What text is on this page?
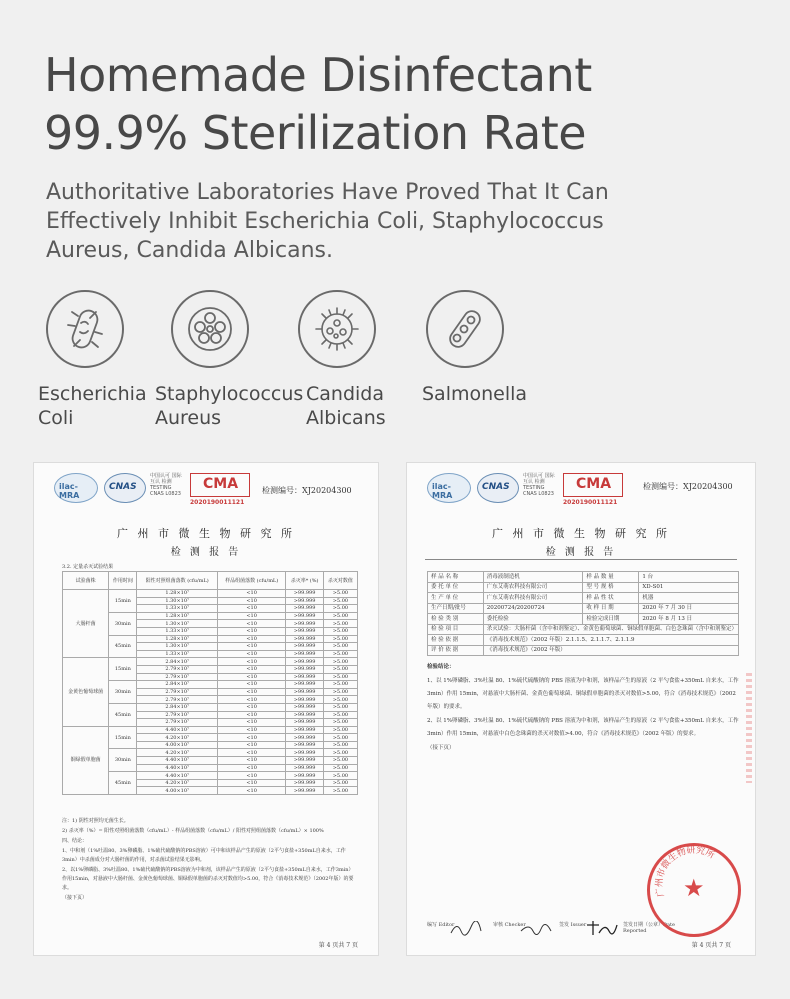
Homemade Disinfectant
99.9% Sterilization Rate
Authoritative Laboratories Have Proved That It Can
Effectively Inhibit Escherichia Coli, Staphylococcus
Aureus, Candida Albicans.
Escherichia
Coli
Staphylococcus
Aureus
Candida
Albicans
Salmonella
ilac-MRA
CNAS
中国认可 国际互认 检测 TESTING CNAS L0823
CMA
2020190011121
检测编号：XJ20204300
广 州 市 微 生 物 研 究 所
检 测 报 告
3.2. 定量杀灭试验结果
试验菌株	作用时间	阳性对照组菌落数 (cfu/mL)	样品组菌落数 (cfu/mL)	杀灭率* (%)	杀灭对数值
大肠杆菌	15min	1.28×10⁷	<10	>99.999	>5.00
		1.30×10⁷	<10	>99.999	>5.00
		1.33×10⁷	<10	>99.999	>5.00
	30min	1.28×10⁷	<10	>99.999	>5.00
		1.30×10⁷	<10	>99.999	>5.00
		1.33×10⁷	<10	>99.999	>5.00
	45min	1.28×10⁷	<10	>99.999	>5.00
		1.30×10⁷	<10	>99.999	>5.00
		1.33×10⁷	<10	>99.999	>5.00
金黄色葡萄球菌	15min	2.84×10⁷	<10	>99.999	>5.00
		2.79×10⁷	<10	>99.999	>5.00
		2.79×10⁷	<10	>99.999	>5.00
	30min	2.84×10⁷	<10	>99.999	>5.00
		2.79×10⁷	<10	>99.999	>5.00
		2.79×10⁷	<10	>99.999	>5.00
	45min	2.84×10⁷	<10	>99.999	>5.00
		2.79×10⁷	<10	>99.999	>5.00
		2.79×10⁷	<10	>99.999	>5.00
铜绿假单胞菌	15min	4.40×10⁷	<10	>99.999	>5.00
		4.20×10⁷	<10	>99.999	>5.00
		4.00×10⁷	<10	>99.999	>5.00
	30min	4.20×10⁷	<10	>99.999	>5.00
		4.40×10⁷	<10	>99.999	>5.00
		4.40×10⁷	<10	>99.999	>5.00
	45min	4.40×10⁷	<10	>99.999	>5.00
		4.20×10⁷	<10	>99.999	>5.00
		4.00×10⁷	<10	>99.999	>5.00

注：1) 阴性对照均无菌生长。

2) 杀灭率（%）= 阳性对照组菌落数（cfu/mL）- 样品组菌落数（cfu/mL）/ 阳性对照组菌落数（cfu/mL）× 100%

四、结论：

1、中和剂（1%吐温80、3%卵磷脂、1%硫代硫酸钠的PBS溶液）可中和该样品产生的原液（2平勺食盐+350mL自来水，工作3min）中杀菌成分对大肠杆菌的作用，对杀菌试验结果无影响。

2、以1%卵磷脂、3%吐温80、1%硫代硫酸钠的PBS溶液为中和剂，该样品产生的原液（2平勺食盐+350mL自来水，工作3min）作用15min，对悬液中大肠杆菌、金黄色葡萄球菌、铜绿假单胞菌的杀灭对数值均>5.00，符合《消毒技术规范》（2002年版）的要求。

（接下页）

第 4 页共 7 页
ilac-MRA
CNAS
中国认可 国际互认 检测 TESTING CNAS L0823
CMA
2020190011121
检测编号：XJ20204300
广 州 市 微 生 物 研 究 所
检 测 报 告
样 品 名 称	消毒液制造机	样 品 数 量	1 台
委 托 单 位	广东艾萌农科技有限公司	型 号 规 格	XD-S01
生 产 单 位	广东艾萌农科技有限公司	样 品 性 状	机器
生产日期/批号	20200724/20200724	收 样 日 期	2020 年 7 月 30 日
检 验 类 别	委托检验	检验完成日期	2020 年 8 月 13 日
检 验 项 目	杀灭试验：大肠杆菌（含中和剂鉴定）、金黄色葡萄球菌、铜绿假单胞菌、白色念珠菌（含中和剂鉴定）		
检 验 依 据	《消毒技术规范》（2002 年版）2.1.1.5、2.1.1.7、2.1.1.9		
评 价 依 据	《消毒技术规范》（2002 年版）		

检验结论：

1、以 1%卵磷脂、3%吐温 80、1%硫代硫酸钠的 PBS 溶液为中和剂，该样品产生的原液（2 平勺食盐+350mL 自来水，工作 3min）作用 15min，对悬液中大肠杆菌、金黄色葡萄球菌、铜绿假单胞菌的杀灭对数值>5.00，符合《消毒技术规范》（2002 年版）的要求。

2、以 1%卵磷脂、3%吐温 80、1%硫代硫酸钠的 PBS 溶液为中和剂，该样品产生的原液（2 平勺食盐+350mL 自来水，工作 3min）作用 15min，对悬液中白色念珠菌的杀灭对数值>4.00，符合《消毒技术规范》（2002 年版）的要求。

（接下页）

编写 Editor	审核 Checker	签发 Issuer	签发日期（公章）Date Reported
广州市微生物研究所
★
第 4 页共 7 页
